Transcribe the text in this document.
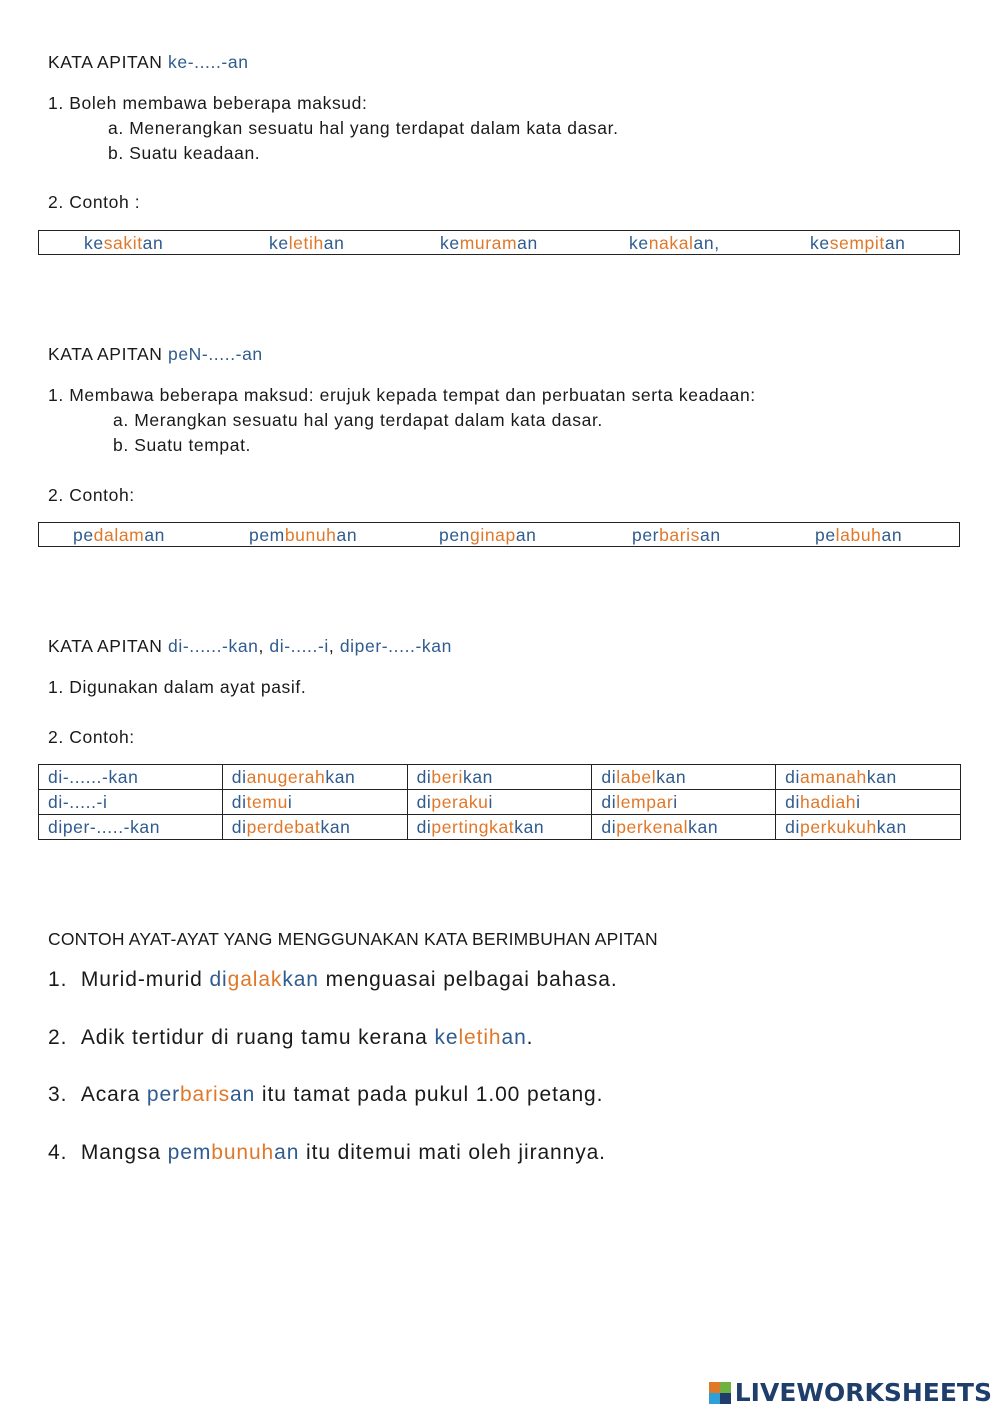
KATA APITAN ke-.....-an
1. Boleh membawa beberapa maksud:
a. Menerangkan sesuatu hal yang terdapat dalam kata dasar.
b. Suatu keadaan.
2. Contoh :
kesakitan	keletihan	kemuraman	kenakalan,	kesempitan
KATA APITAN peN-.....-an
1. Membawa beberapa maksud: erujuk kepada tempat dan perbuatan serta keadaan:
a. Merangkan sesuatu hal yang terdapat dalam kata dasar.
b. Suatu tempat.
2. Contoh:
pedalaman	pembunuhan	penginapan	perbarisan	pelabuhan
KATA APITAN di-......-kan, di-.....-i, diper-.....-kan
1. Digunakan dalam ayat pasif.
2. Contoh:
di-......-kan	dianugerahkan	diberikan	dilabelkan	diamanahkan
di-.....-i	ditemui	diperakui	dilempari	dihadiahi
diper-.....-kan	diperdebatkan	dipertingkatkan	diperkenalkan	diperkukuhkan
CONTOH AYAT-AYAT YANG MENGGUNAKAN KATA BERIMBUHAN APITAN
1. Murid-murid digalakkan menguasai pelbagai bahasa.
2. Adik tertidur di ruang tamu kerana keletihan.
3. Acara perbarisan itu tamat pada pukul 1.00 petang.
4. Mangsa pembunuhan itu ditemui mati oleh jirannya.
LIVEWORKSHEETS
